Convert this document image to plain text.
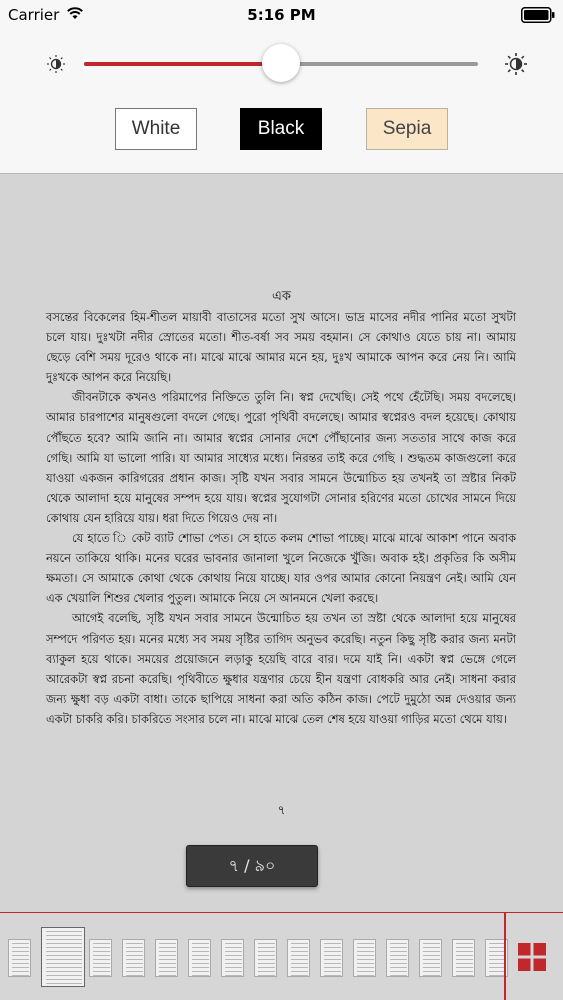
Carrier	5:16 PM
White	Black	Sepia
এক

বসন্তের বিকেলের হিম-শীতল মায়াবী বাতাসের মতো সুখ আসে। ভাদ্র মাসের নদীর পানির মতো সুখটা চলে যায়। দুঃখটা নদীর স্রোতের মতো। শীত-বর্ষা সব সময় বহমান। সে কোথাও যেতে চায় না। আমায় ছেড়ে বেশি সময় দূরেও থাকে না। মাঝে মাঝে আমার মনে হয়, দুঃখ আমাকে আপন করে নেয় নি। আমি দুঃখকে আপন করে নিয়েছি।

জীবনটাকে কখনও পরিমাপের নিক্তিতে তুলি নি। স্বপ্ন দেখেছি। সেই পথে হেঁটেছি। সময় বদলেছে। আমার চারপাশের মানুষগুলো বদলে গেছে। পুরো পৃথিবী বদলেছে। আমার স্বপ্নেরও বদল হয়েছে। কোথায় পৌঁছতে হবে? আমি জানি না। আমার স্বপ্নের সোনার দেশে পৌঁছানোর জন্য সততার সাথে কাজ করে গেছি। আমি যা ভালো পারি। যা আমার সাধ্যের মধ্যে। নিরন্তর তাই করে গেছি । শুদ্ধতম কাজগুলো করে যাওয়া একজন কারিগরের প্রধান কাজ। সৃষ্টি যখন সবার সামনে উন্মোচিত হয় তখনই তা স্রষ্টার নিকট থেকে আলাদা হয়ে মানুষের সম্পদ হয়ে যায়। স্বপ্নের সুযোগটা সোনার হরিণের মতো চোখের সামনে দিয়ে কোথায় যেন হারিয়ে যায়। ধরা দিতে গিয়েও দেয় না।

যে হাতে ি কেট ব্যাট শোভা পেত। সে হাতে কলম শোভা পাচ্ছে। মাঝে মাঝে আকাশ পানে অবাক নয়নে তাকিয়ে থাকি। মনের ঘরের ভাবনার জানালা খুলে নিজেকে খুঁজি। অবাক হই। প্রকৃতির কি অসীম ক্ষমতা। সে আমাকে কোথা থেকে কোথায় নিয়ে যাচ্ছে। যার ওপর আমার কোনো নিয়ন্ত্রণ নেই। আমি যেন এক খেয়ালি শিশুর খেলার পুতুল। আমাকে নিয়ে সে আনমনে খেলা করছে।

আগেই বলেছি, সৃষ্টি যখন সবার সামনে উন্মোচিত হয় তখন তা স্রষ্টা থেকে আলাদা হয়ে মানুষের সম্পদে পরিণত হয়। মনের মধ্যে সব সময় সৃষ্টির তাগিদ অনুভব করেছি। নতুন কিছু সৃষ্টি করার জন্য মনটা ব্যাকুল হয়ে থাকে। সময়ের প্রয়োজনে লড়াকু হয়েছি বারে বার। দমে যাই নি। একটা স্বপ্ন ভেঙ্গে গেলে আরেকটা স্বপ্ন রচনা করেছি। পৃথিবীতে ক্ষুধার যন্ত্রণার চেয়ে হীন যন্ত্রণা বোধকরি আর নেই। সাধনা করার জন্য ক্ষুধা বড় একটা বাধা। তাকে ছাপিয়ে সাধনা করা অতি কঠিন কাজ। পেটে দুমুঠো অন্ন দেওয়ার জন্য একটা চাকরি করি। চাকরিতে সংসার চলে না। মাঝে মাঝে তেল শেষ হয়ে যাওয়া গাড়ির মতো থেমে যায়।

৭
৭ / ৯০
